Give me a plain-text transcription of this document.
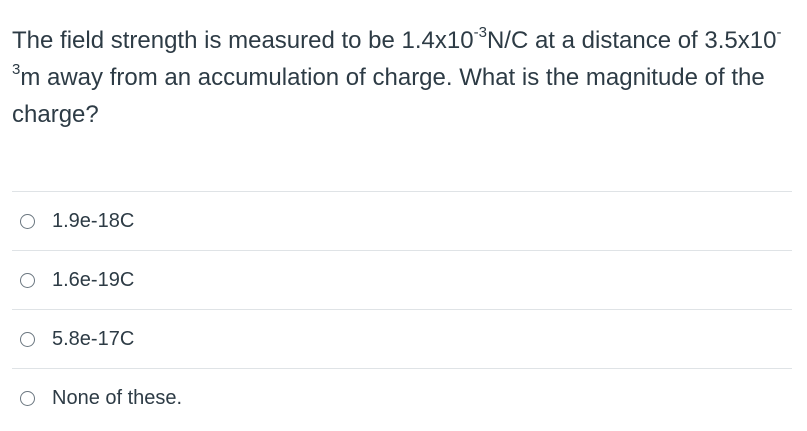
The field strength is measured to be $1.4x10^{-3}N/C$ at a distance of $3.5x10^{-3}m$ away from an accumulation of charge. What is the magnitude of the charge?
1.9e-18C
1.6e-19C
5.8e-17C
None of these.
